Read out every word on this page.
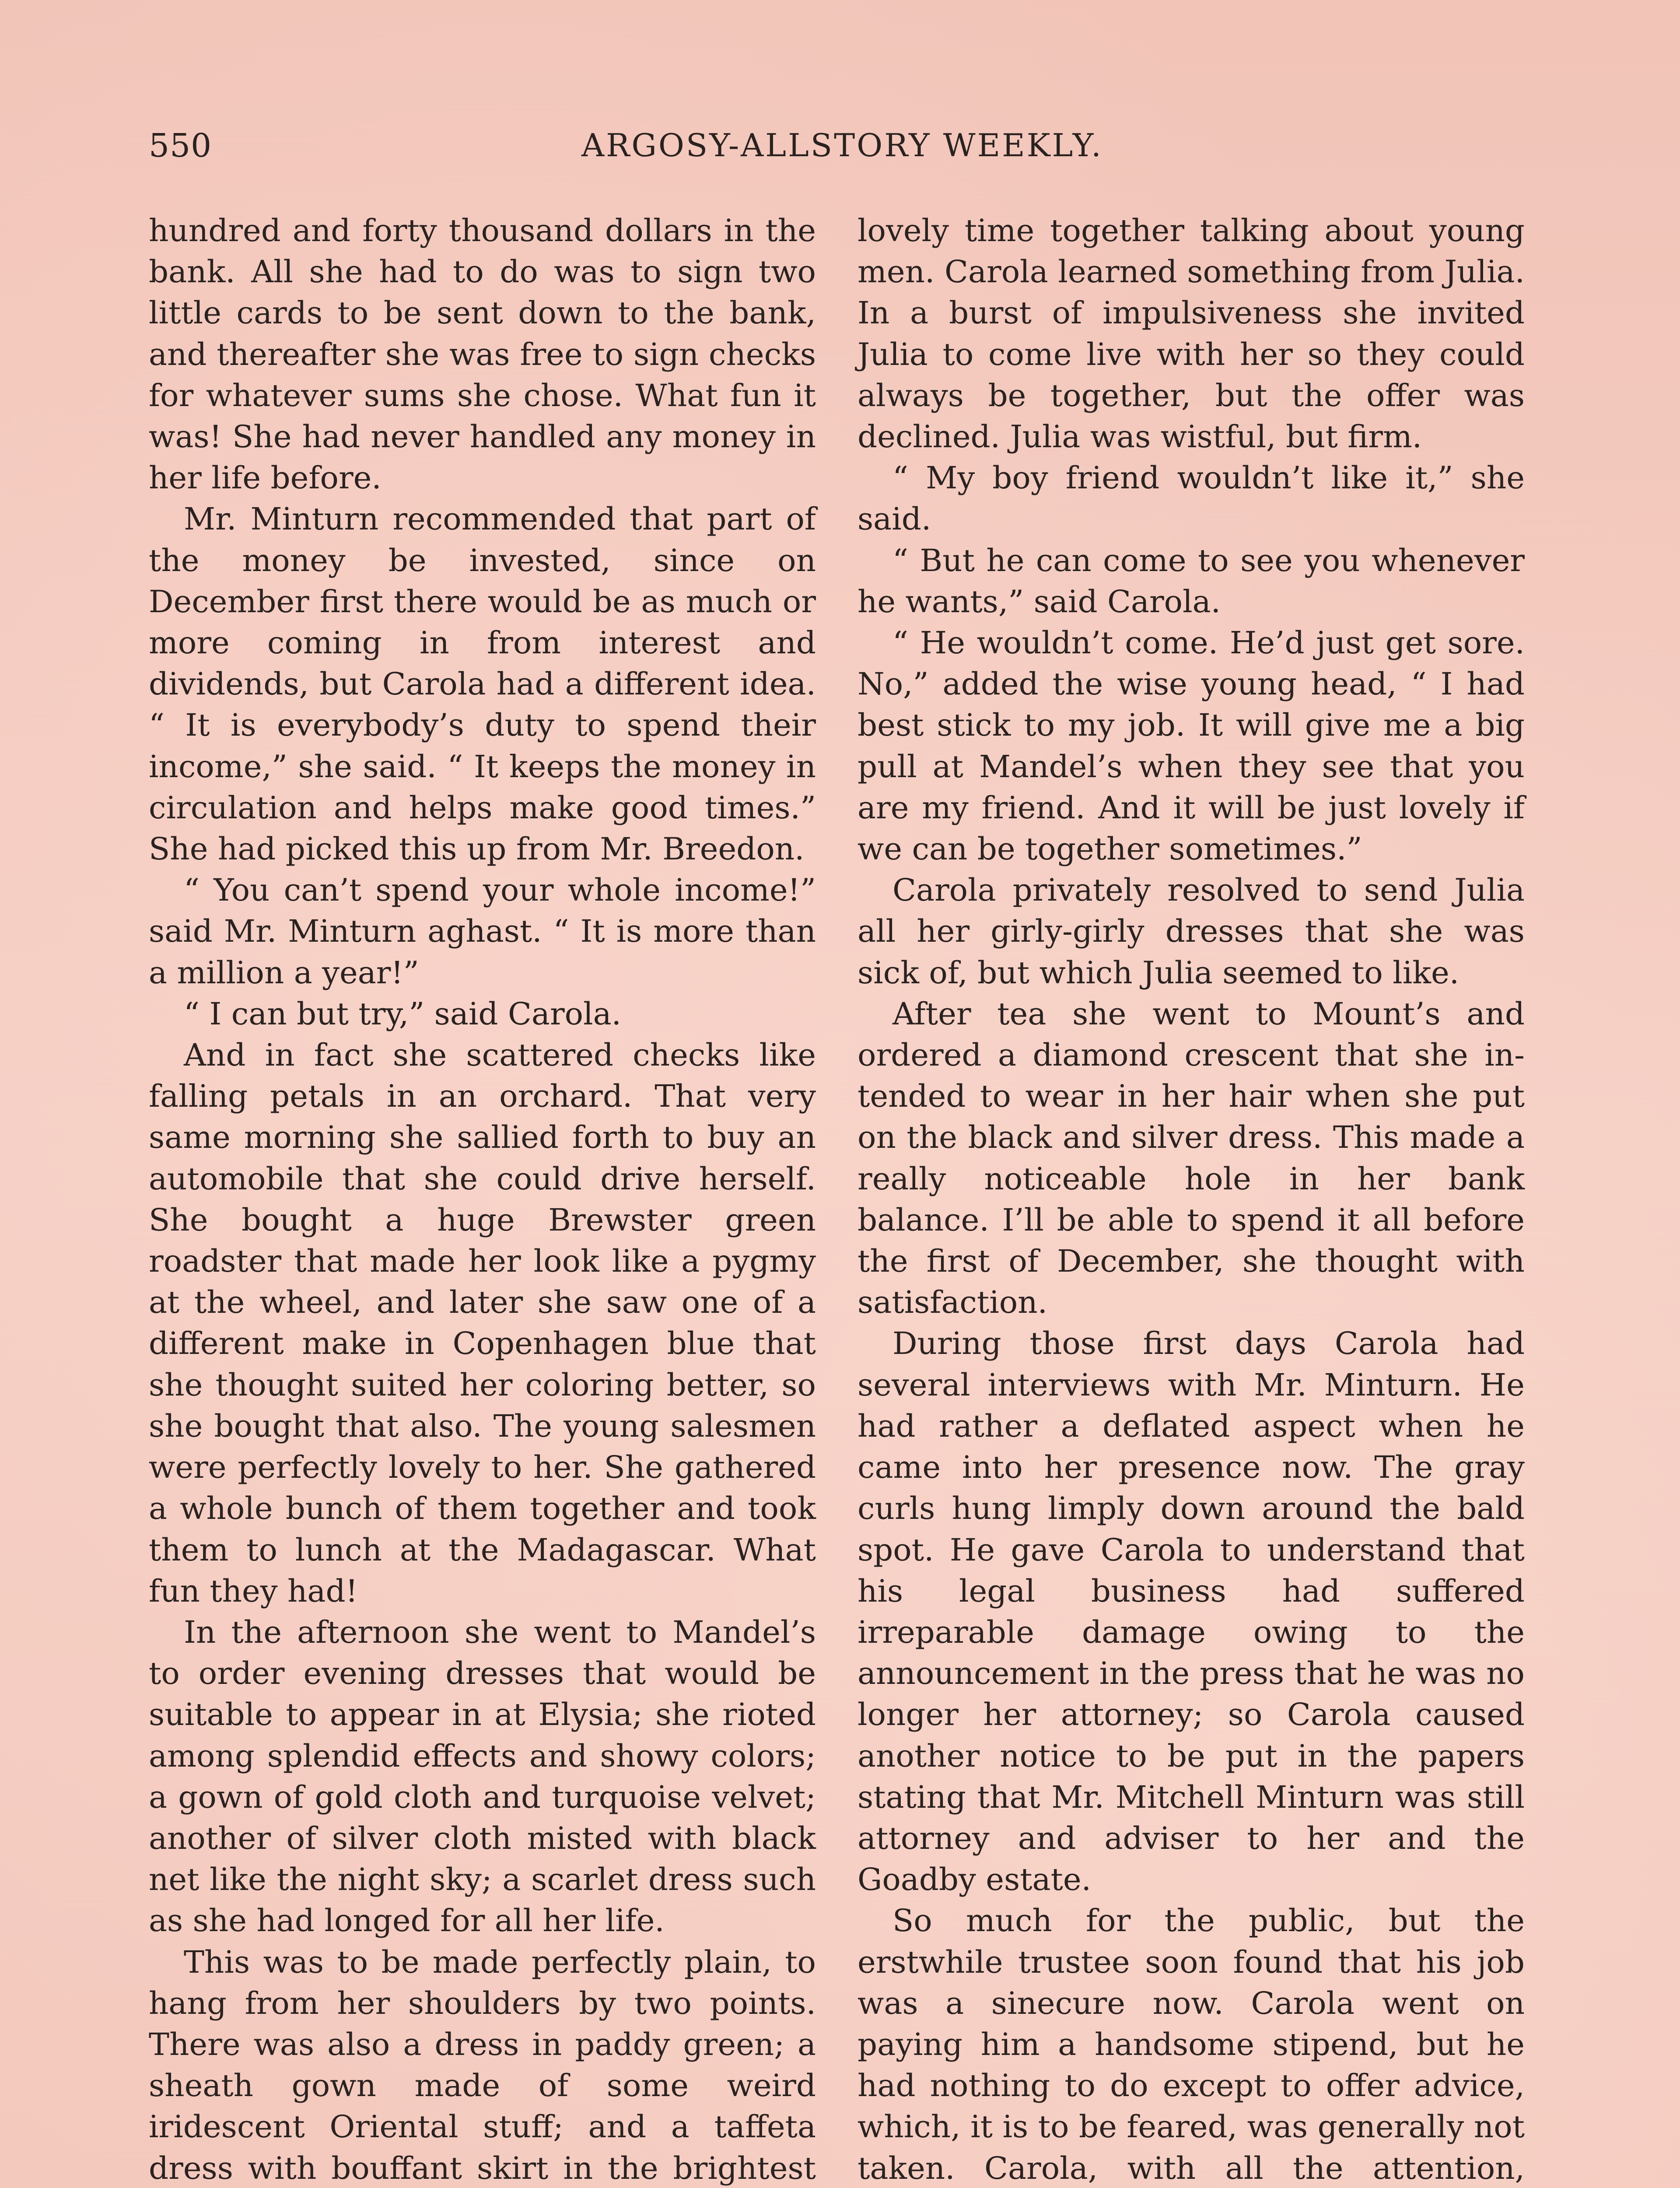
550	ARGOSY-ALLSTORY WEEKLY.

hundred and forty thousand dollars in the bank. All she had to do was to sign two little cards to be sent down to the bank, and thereafter she was free to sign checks for whatever sums she chose. What fun it was! She had never handled any money in her life before.

Mr. Minturn recommended that part of the money be invested, since on December first there would be as much or more coming in from interest and dividends, but Carola had a different idea. “ It is everybody’s duty to spend their income,” she said. “ It keeps the money in circulation and helps make good times.” She had picked this up from Mr. Breedon.

“ You can’t spend your whole income!” said Mr. Minturn aghast. “ It is more than a million a year!”

“ I can but try,” said Carola.

And in fact she scattered checks like falling petals in an orchard. That very same morning she sallied forth to buy an automobile that she could drive herself. She bought a huge Brewster green roadster that made her look like a pygmy at the wheel, and later she saw one of a different make in Copenhagen blue that she thought suited her coloring better, so she bought that also. The young salesmen were perfectly lovely to her. She gathered a whole bunch of them together and took them to lunch at the Madagascar. What fun they had!

In the afternoon she went to Mandel’s to order evening dresses that would be suitable to appear in at Elysia; she rioted among splendid effects and showy colors; a gown of gold cloth and turquoise velvet; another of silver cloth misted with black net like the night sky; a scarlet dress such as she had longed for all her life.

This was to be made perfectly plain, to hang from her shoulders by two points. There was also a dress in paddy green; a sheath gown made of some weird iridescent Oriental stuff; and a taffeta dress with bouffant skirt in the brightest

lovely time together talking about young men. Carola learned something from Julia. In a burst of impulsiveness she invited Julia to come live with her so they could always be together, but the offer was declined. Julia was wistful, but firm.

“ My boy friend wouldn’t like it,” she said.

“ But he can come to see you whenever he wants,” said Carola.

“ He wouldn’t come. He’d just get sore. No,” added the wise young head, “ I had best stick to my job. It will give me a big pull at Mandel’s when they see that you are my friend. And it will be just lovely if we can be together sometimes.”

Carola privately resolved to send Julia all her girly-girly dresses that she was sick of, but which Julia seemed to like.

After tea she went to Mount’s and ordered a diamond crescent that she intended to wear in her hair when she put on the black and silver dress. This made a really noticeable hole in her bank balance. I’ll be able to spend it all before the first of December, she thought with satisfaction.

During those first days Carola had several interviews with Mr. Minturn. He had rather a deflated aspect when he came into her presence now. The gray curls hung limply down around the bald spot. He gave Carola to understand that his legal business had suffered irreparable damage owing to the announcement in the press that he was no longer her attorney; so Carola caused another notice to be put in the papers stating that Mr. Mitchell Minturn was still attorney and adviser to her and the Goadby estate.

So much for the public, but the erstwhile trustee soon found that his job was a sinecure now. Carola went on paying him a handsome stipend, but he had nothing to do except to offer advice, which, it is to be feared, was generally not taken. Carola, with all the attention,
